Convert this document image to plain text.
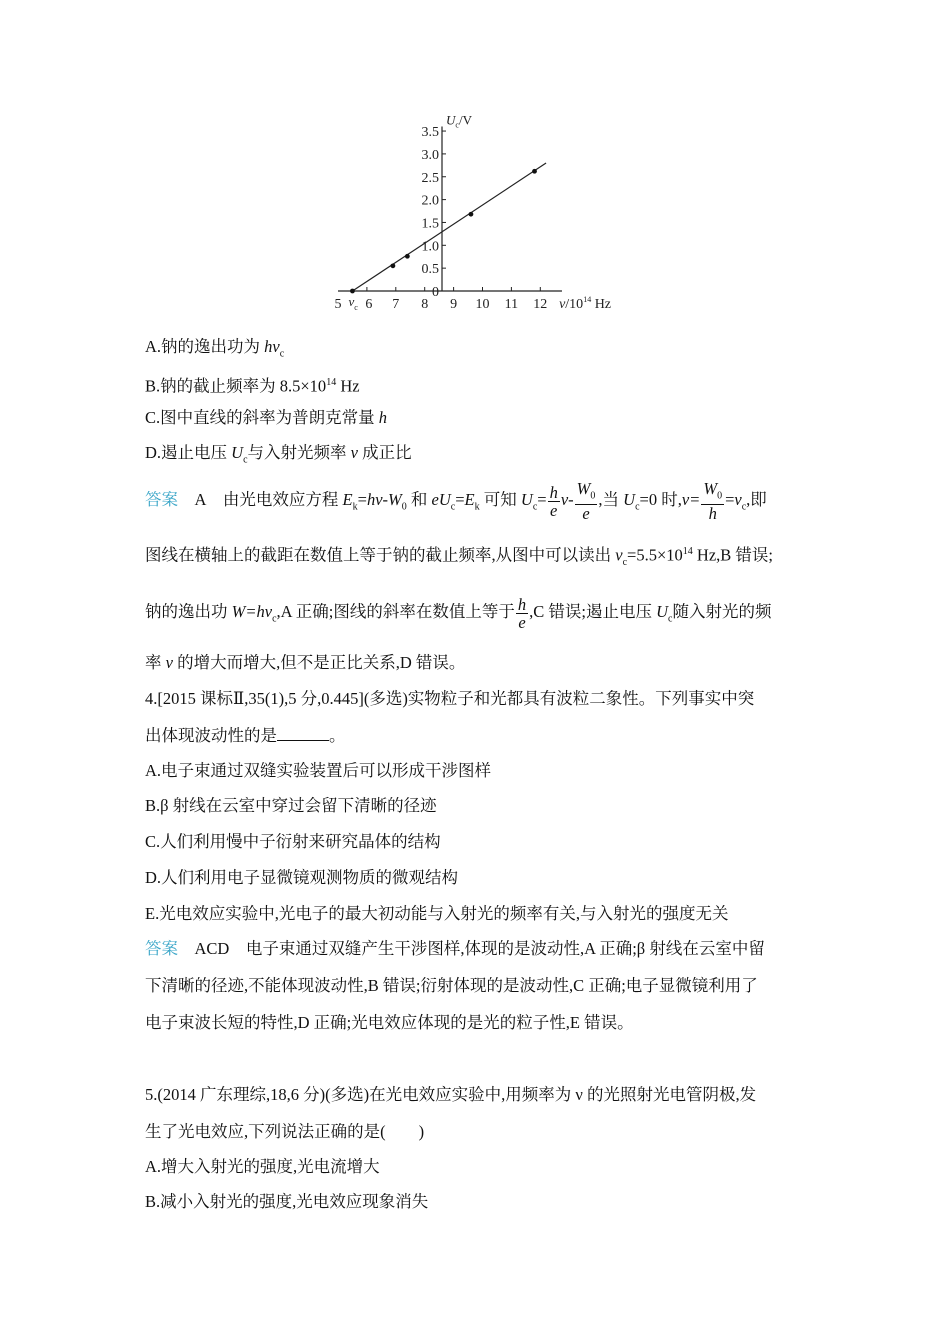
5 6 7 8 9 10 11 12
0
0.5
1.0
1.5
2.0
2.5
3.0
3.5
$U_c/V$
$\nu/10^{14}$ Hz
$\nu_c$
A.钠的逸出功为 $h\nu_c$
B.钠的截止频率为 $8.5\times 10^{14}$ Hz
C.图中直线的斜率为普朗克常量 h
D.遏止电压 $U_c$与入射光频率 ν 成正比
答案 A 由光电效应方程 $E_k=h\nu-W_0$ 和 $eU_c=E_k$ 可知 $U_c= \frac{h}{e} \nu- \frac{W_0}{e}$ ,当 $U_c=0$ 时$,\nu= \frac{W_0}{h} =\nu_c$,即
图线在横轴上的截距在数值上等于钠的截止频率,从图中可以读出 $\nu_c=5.5\times 10^{14}$ Hz,B 错误;
钠的逸出功 $W=h\nu_c,A$ 正确;图线的斜率在数值上等于 $\frac{h}{e} ,C$ 错误;遏止电压 $U_c$随入射光的频
率 ν 的增大而增大,但不是正比关系,D 错误。
4.[2015 课标Ⅱ,35(1),5 分,0.445](多选)实物粒子和光都具有波粒二象性。下列事实中突
出体现波动性的是	。
A.电子束通过双缝实验装置后可以形成干涉图样
B.β 射线在云室中穿过会留下清晰的径迹
C.人们利用慢中子衍射来研究晶体的结构
D.人们利用电子显微镜观测物质的微观结构
E.光电效应实验中,光电子的最大初动能与入射光的频率有关,与入射光的强度无关
答案 ACD　电子束通过双缝产生干涉图样,体现的是波动性,A 正确;β 射线在云室中留
下清晰的径迹,不能体现波动性,B 错误;衍射体现的是波动性,C 正确;电子显微镜利用了
电子束波长短的特性,D 正确;光电效应体现的是光的粒子性,E 错误。
5.(2014 广东理综,18,6 分)(多选)在光电效应实验中,用频率为 ν 的光照射光电管阴极,发
生了光电效应,下列说法正确的是(　　)
A.增大入射光的强度,光电流增大
B.减小入射光的强度,光电效应现象消失
